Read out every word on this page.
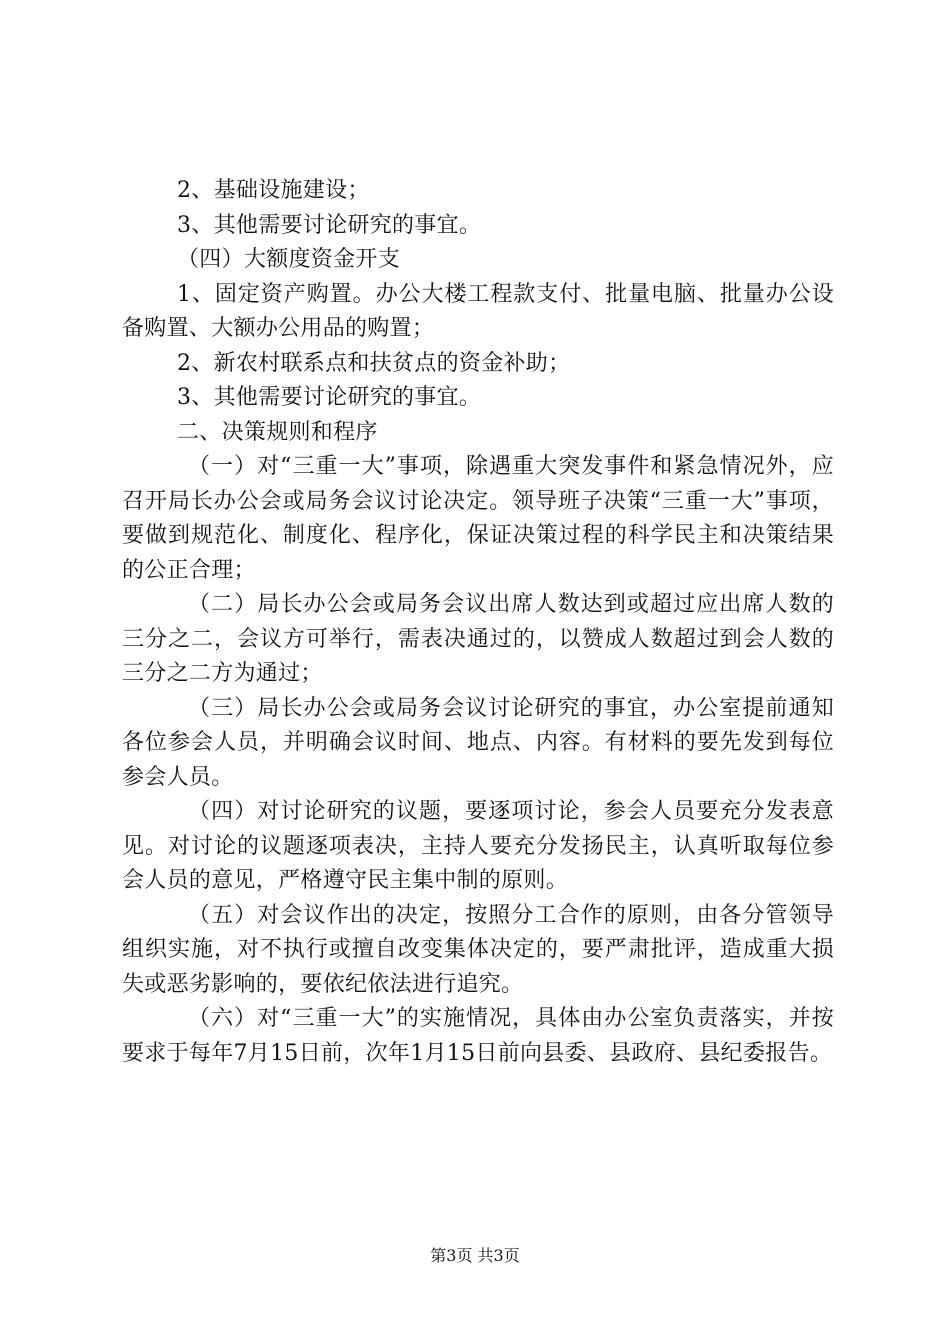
2、基础设施建设；

3、其他需要讨论研究的事宜。

（四）大额度资金开支

1、固定资产购置。办公大楼工程款支付、批量电脑、批量办公设备购置、大额办公用品的购置；

2、新农村联系点和扶贫点的资金补助；

3、其他需要讨论研究的事宜。

二、决策规则和程序

（一）对“三重一大”事项，除遇重大突发事件和紧急情况外，应召开局长办公会或局务会议讨论决定。领导班子决策“三重一大”事项，要做到规范化、制度化、程序化，保证决策过程的科学民主和决策结果的公正合理；

（二）局长办公会或局务会议出席人数达到或超过应出席人数的三分之二，会议方可举行，需表决通过的，以赞成人数超过到会人数的三分之二方为通过；

（三）局长办公会或局务会议讨论研究的事宜，办公室提前通知各位参会人员，并明确会议时间、地点、内容。有材料的要先发到每位参会人员。

（四）对讨论研究的议题，要逐项讨论，参会人员要充分发表意见。对讨论的议题逐项表决，主持人要充分发扬民主，认真听取每位参会人员的意见，严格遵守民主集中制的原则。

（五）对会议作出的决定，按照分工合作的原则，由各分管领导组织实施，对不执行或擅自改变集体决定的，要严肃批评，造成重大损失或恶劣影响的，要依纪依法进行追究。

（六）对“三重一大”的实施情况，具体由办公室负责落实，并按要求于每年7月15日前，次年1月15日前向县委、县政府、县纪委报告。

第3页 共3页
